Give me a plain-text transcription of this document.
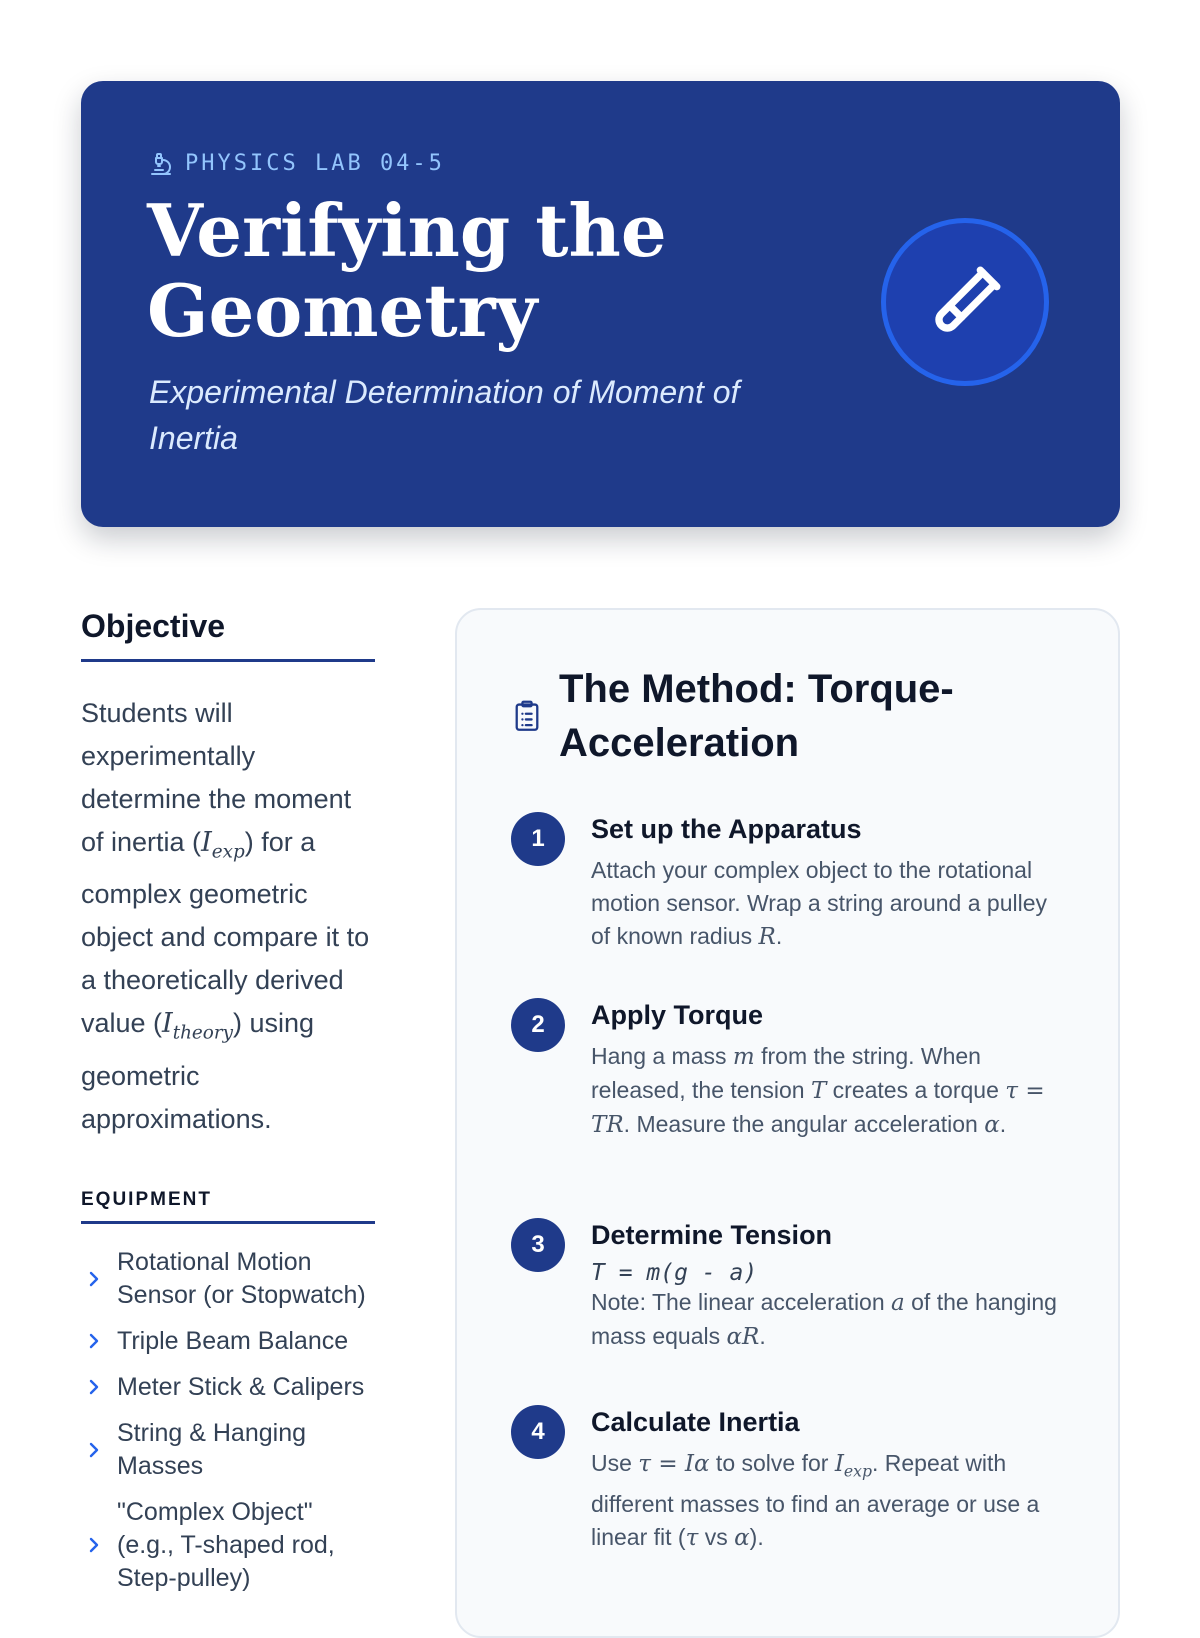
PHYSICS LAB 04-5
Verifying the Geometry
Experimental Determination of Moment of Inertia
Objective
Students will experimentally determine the moment of inertia $(I_{exp})$ for a complex geometric object and compare it to a theoretically derived value $(I_{theory})$ using geometric approximations.
EQUIPMENT
Rotational Motion Sensor (or Stopwatch)
Triple Beam Balance
Meter Stick & Calipers
String & Hanging Masses
"Complex Object" (e.g., T-shaped rod, Step-pulley)
The Method: Torque-Acceleration
1	Set up the Apparatus
Attach your complex object to the rotational motion sensor. Wrap a string around a pulley of known radius R.
2	Apply Torque
Hang a mass m from the string. When released, the tension T creates a torque τ = TR. Measure the angular acceleration α.
3	Determine Tension
T = m(g - a)
Note: The linear acceleration a of the hanging mass equals αR.
4	Calculate Inertia
Use τ = Iα to solve for $I_{exp}$. Repeat with different masses to find an average or use a linear fit (τ vs α).
